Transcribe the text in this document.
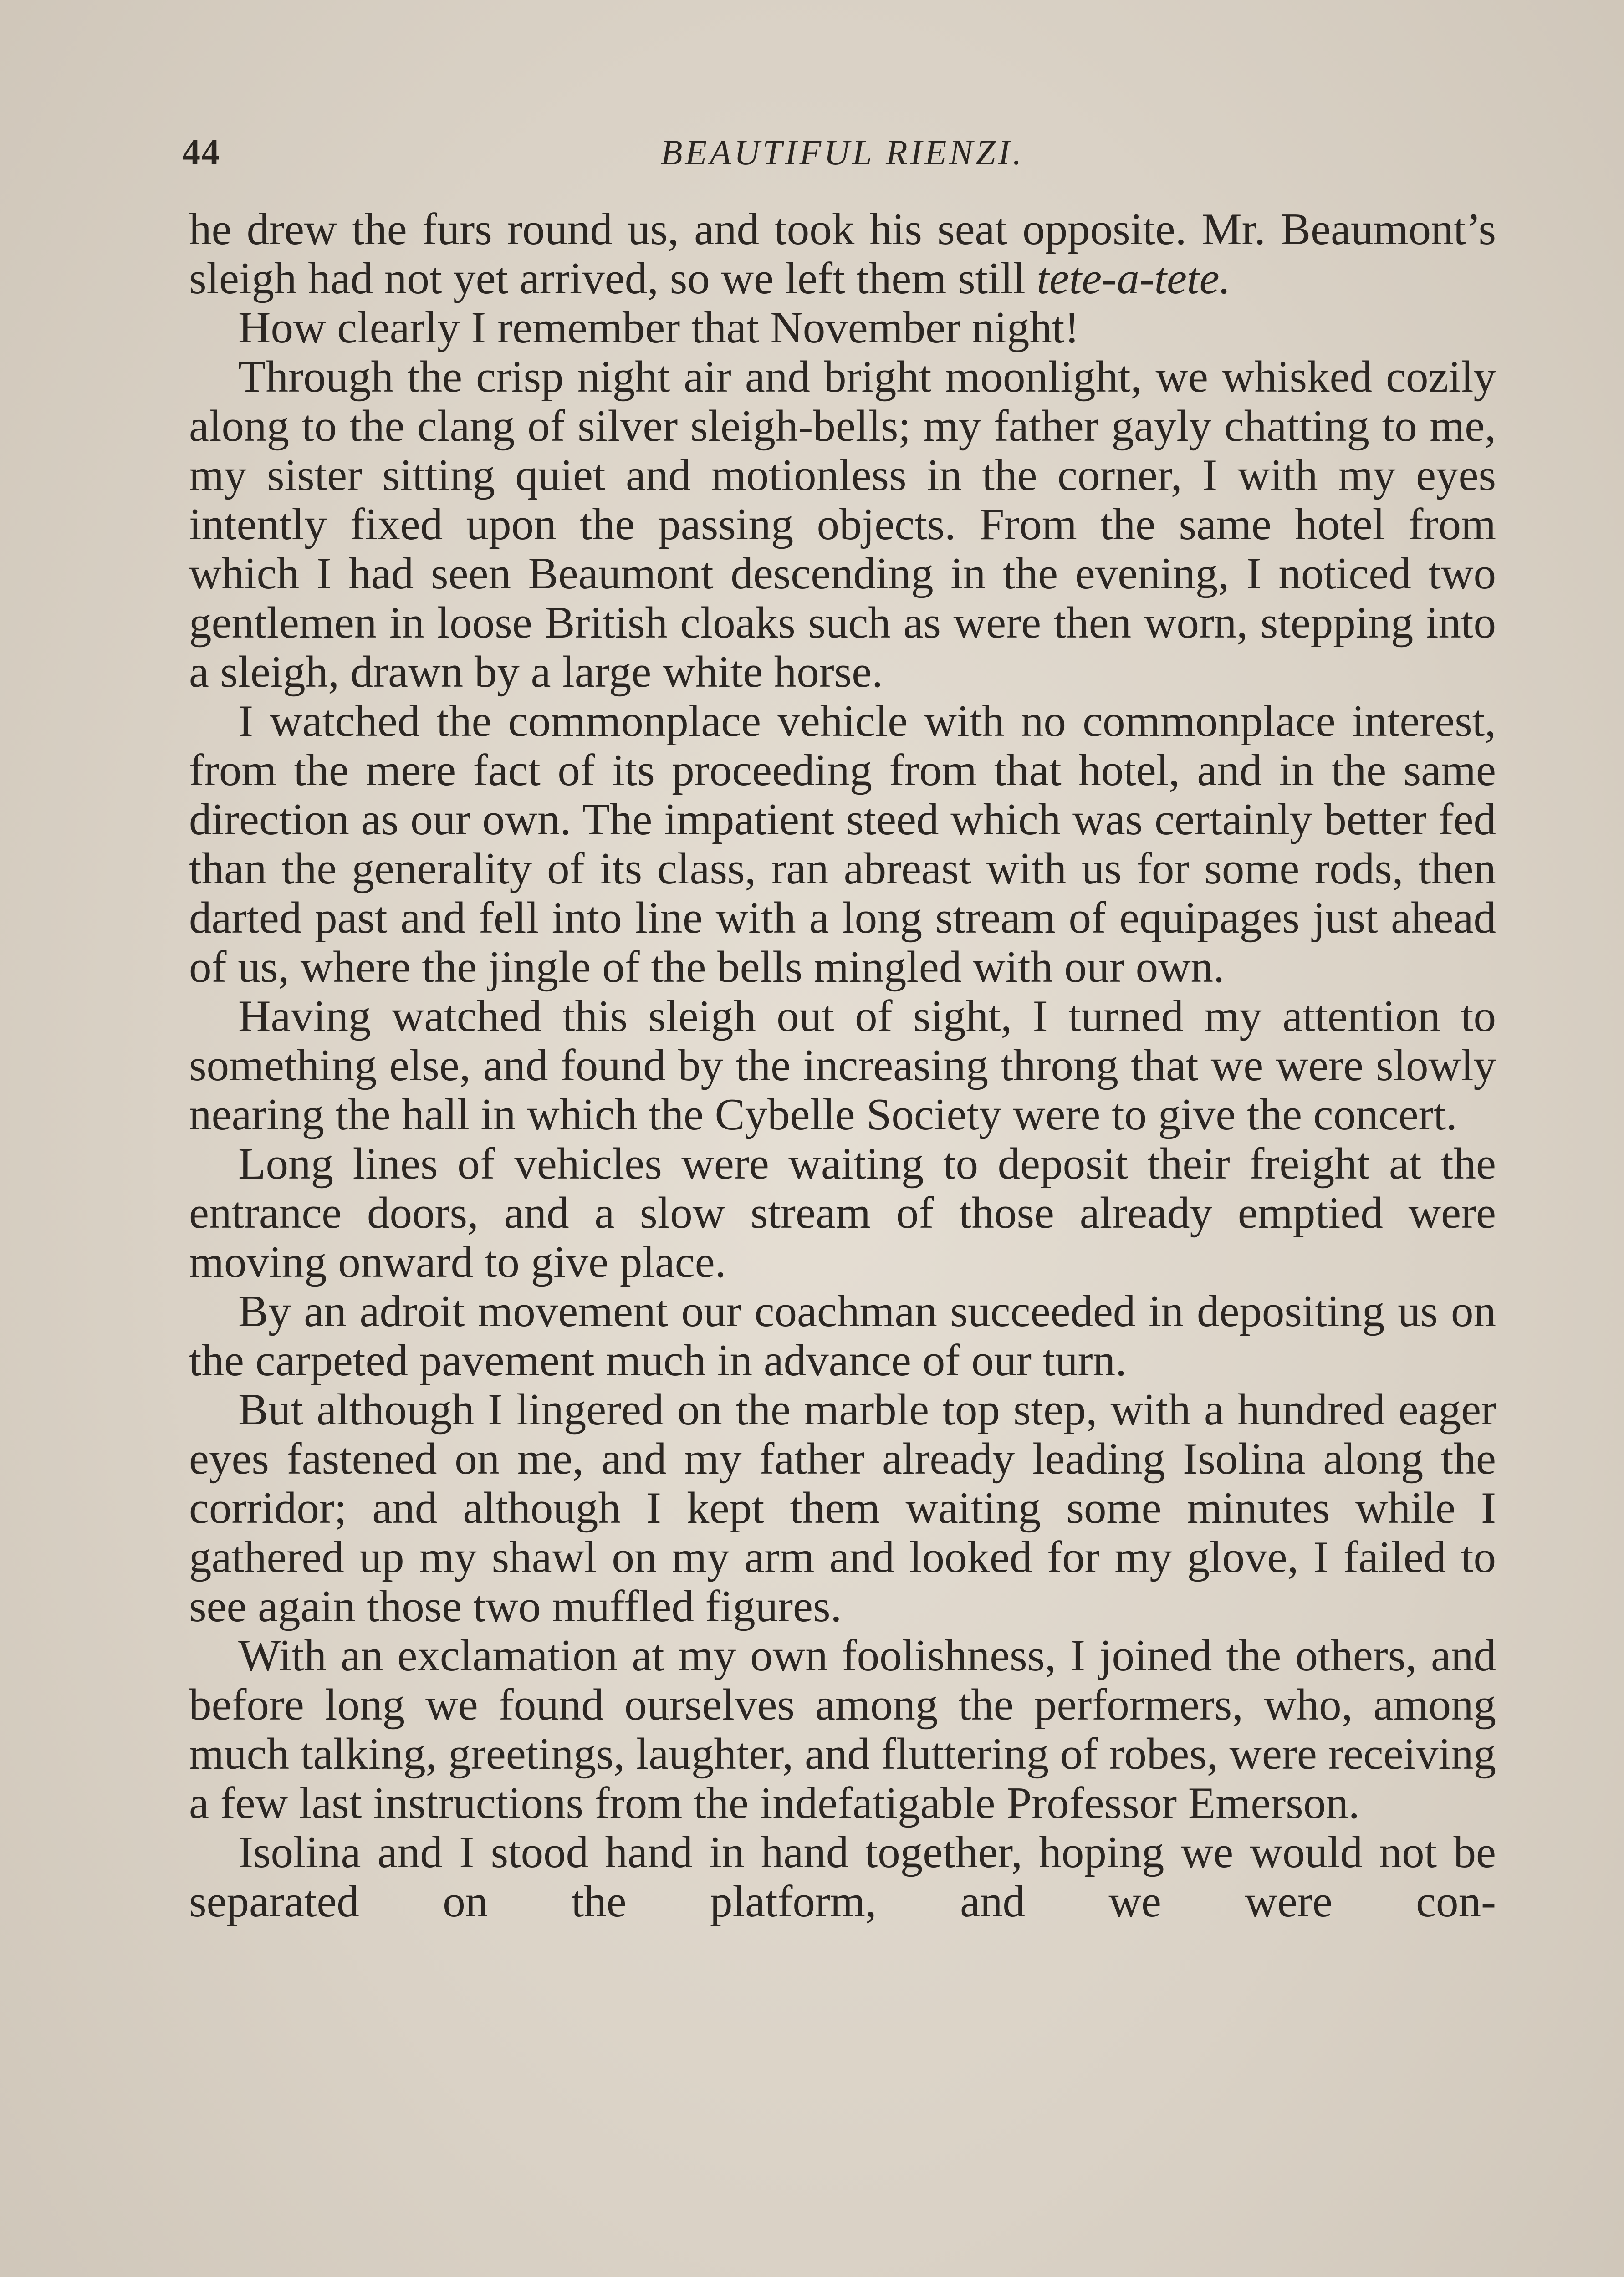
44	BEAUTIFUL RIENZI.

he drew the furs round us, and took his seat opposite. Mr. Beaumont’s sleigh had not yet arrived, so we left them still tete-a-tete.

How clearly I remember that November night!

Through the crisp night air and bright moonlight, we whisked cozily along to the clang of silver sleigh-bells; my father gayly chatting to me, my sister sitting quiet and motionless in the corner, I with my eyes intently fixed upon the passing objects. From the same hotel from which I had seen Beaumont descending in the evening, I noticed two gentlemen in loose British cloaks such as were then worn, stepping into a sleigh, drawn by a large white horse.

I watched the commonplace vehicle with no commonplace interest, from the mere fact of its proceeding from that hotel, and in the same direction as our own. The impatient steed which was certainly better fed than the generality of its class, ran abreast with us for some rods, then darted past and fell into line with a long stream of equipages just ahead of us, where the jingle of the bells mingled with our own.

Having watched this sleigh out of sight, I turned my attention to something else, and found by the increasing throng that we were slowly nearing the hall in which the Cybelle Society were to give the concert.

Long lines of vehicles were waiting to deposit their freight at the entrance doors, and a slow stream of those already emptied were moving onward to give place.

By an adroit movement our coachman succeeded in depositing us on the carpeted pavement much in advance of our turn.

But although I lingered on the marble top step, with a hundred eager eyes fastened on me, and my father already leading Isolina along the corridor; and although I kept them waiting some minutes while I gathered up my shawl on my arm and looked for my glove, I failed to see again those two muffled figures.

With an exclamation at my own foolishness, I joined the others, and before long we found ourselves among the performers, who, among much talking, greetings, laughter, and fluttering of robes, were receiving a few last instructions from the indefatigable Professor Emerson.

Isolina and I stood hand in hand together, hoping we would not be separated on the platform, and we were con-
